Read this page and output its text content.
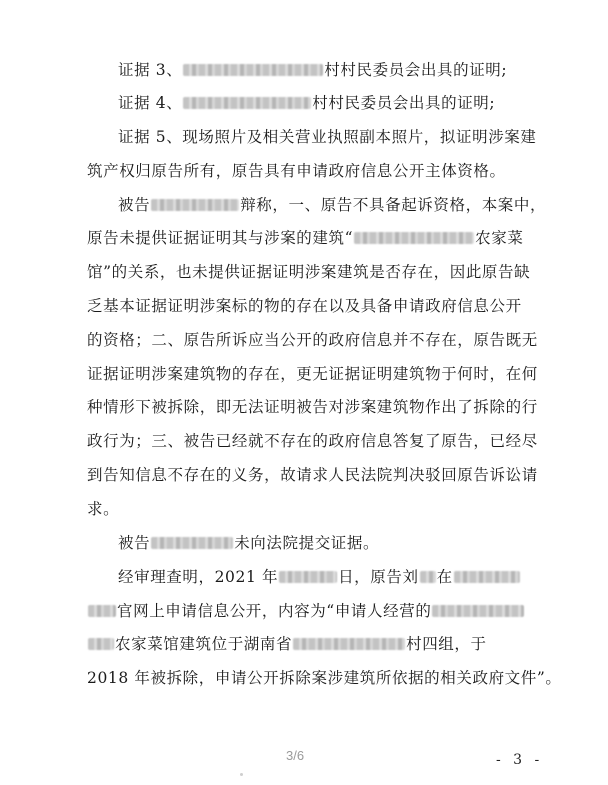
证据 3、	村村民委员会出具的证明;
证据 4、	村村民委员会出具的证明;
证据 5、现场照片及相关营业执照副本照片，拟证明涉案建
筑产权归原告所有，原告具有申请政府信息公开主体资格。
被告	辩称，一、原告不具备起诉资格，本案中，
原告未提供证据证明其与涉案的建筑“	农家菜
馆”的关系，也未提供证据证明涉案建筑是否存在，因此原告缺
乏基本证据证明涉案标的物的存在以及具备申请政府信息公开
的资格；二、原告所诉应当公开的政府信息并不存在，原告既无
证据证明涉案建筑物的存在，更无证据证明建筑物于何时，在何
种情形下被拆除，即无法证明被告对涉案建筑物作出了拆除的行
政行为；三、被告已经就不存在的政府信息答复了原告，已经尽
到告知信息不存在的义务，故请求人民法院判决驳回原告诉讼请
求。
被告	未向法院提交证据。
经审理查明，2021 年	日，原告刘 在
官网上申请信息公开，内容为“申请人经营的
农家菜馆建筑位于湖南省	村四组，于
2018 年被拆除，申请公开拆除案涉建筑所依据的相关政府文件”。
3/6	- 3 -
